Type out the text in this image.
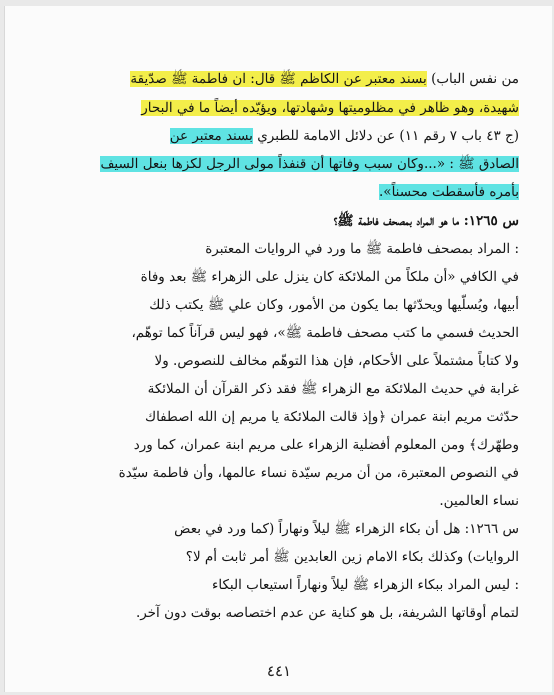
من نفس الباب) بسند معتبر عن الكاظم ﷺ قال: ان فاطمة ﷺ صدّيقة
شهيدة، وهو ظاهر في مظلوميتها وشهادتها، ويؤيّده أيضاً ما في البحار
(ج ٤٣ باب ٧ رقم ١١) عن دلائل الامامة للطبري بسند معتبر عن
الصادق ﷺ : «...وكان سبب وفاتها أن قنفذاً مولى الرجل لكزها بنعل السيف
بأمره فأسقطت محسناً».
س ١٢٦٥: ما هو المراد بمصحف فاطمة ﷺ؟
: المراد بمصحف فاطمة ﷺ ما ورد في الروايات المعتبرة
في الكافي «أن ملكاً من الملائكة كان ينزل على الزهراء ﷺ بعد وفاة
أبيها، ويُسلّيها ويحدّثها بما يكون من الأمور، وكان علي ﷺ يكتب ذلك
الحديث فسمي ما كتب مصحف فاطمة ﷺ»، فهو ليس قرآناً كما توهّم،
ولا كتاباً مشتملاً على الأحكام، فإن هذا التوهّم مخالف للنصوص. ولا
غرابة في حديث الملائكة مع الزهراء ﷺ فقد ذكر القرآن أن الملائكة
حدّثت مريم ابنة عمران ﴿وإذ قالت الملائكة يا مريم إن الله اصطفاك
وطهّرك﴾ ومن المعلوم أفضلية الزهراء على مريم ابنة عمران، كما ورد
في النصوص المعتبرة، من أن مريم سيّدة نساء عالمها، وأن فاطمة سيّدة
نساء العالمين.
س ١٢٦٦: هل أن بكاء الزهراء ﷺ ليلاً ونهاراً (كما ورد في بعض
الروايات) وكذلك بكاء الامام زين العابدين ﷺ أمر ثابت أم لا؟
: ليس المراد ببكاء الزهراء ﷺ ليلاً ونهاراً استيعاب البكاء
لتمام أوقاتها الشريفة، بل هو كناية عن عدم اختصاصه بوقت دون آخر.
٤٤١
